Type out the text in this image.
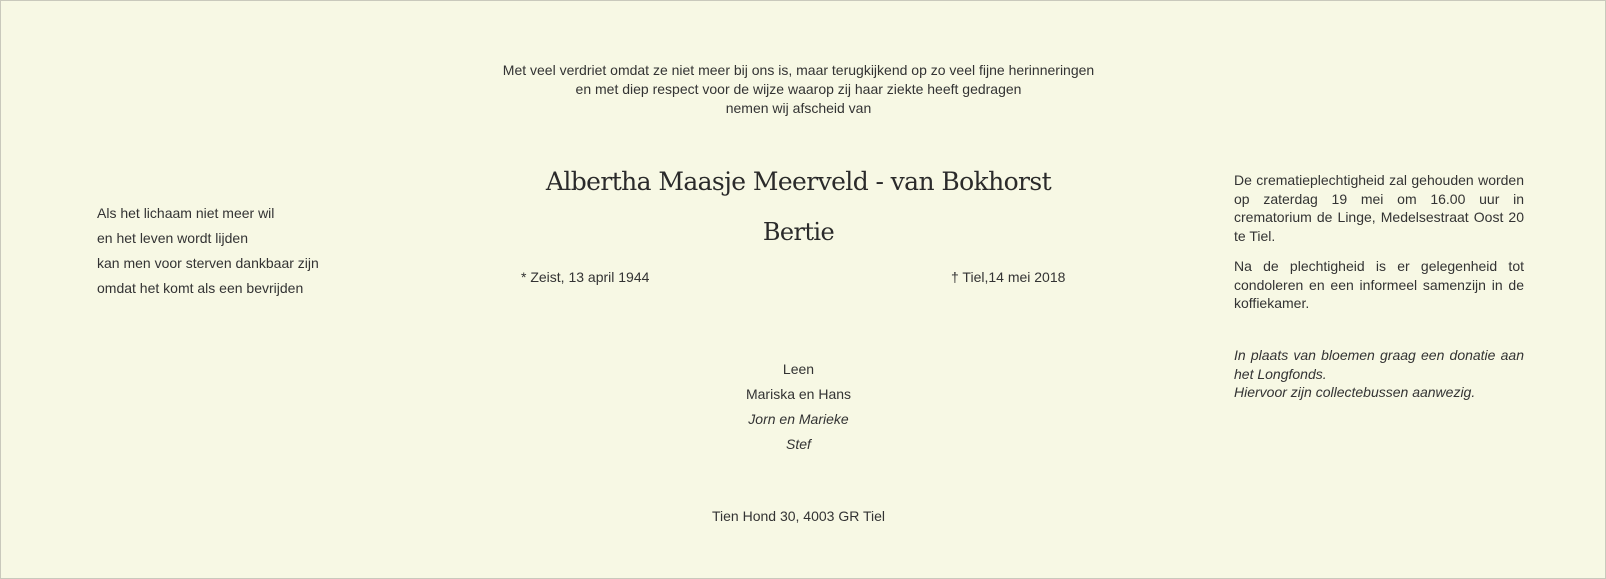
Met veel verdriet omdat ze niet meer bij ons is, maar terugkijkend op zo veel fijne herinneringen
en met diep respect voor de wijze waarop zij haar ziekte heeft gedragen
nemen wij afscheid van
Als het lichaam niet meer wil
en het leven wordt lijden
kan men voor sterven dankbaar zijn
omdat het komt als een bevrijden
Albertha Maasje Meerveld - van Bokhorst
Bertie
* Zeist, 13 april 1944	† Tiel,14 mei 2018
Leen
Mariska en Hans
Jorn en Marieke
Stef
Tien Hond 30, 4003 GR Tiel
De crematieplechtigheid zal gehouden worden op zaterdag 19 mei om 16.00 uur in crematorium de Linge, Medelsestraat Oost 20 te Tiel.
Na de plechtigheid is er gelegenheid tot condoleren en een informeel samenzijn in de koffiekamer.
In plaats van bloemen graag een donatie aan het Longfonds.
Hiervoor zijn collectebussen aanwezig.
